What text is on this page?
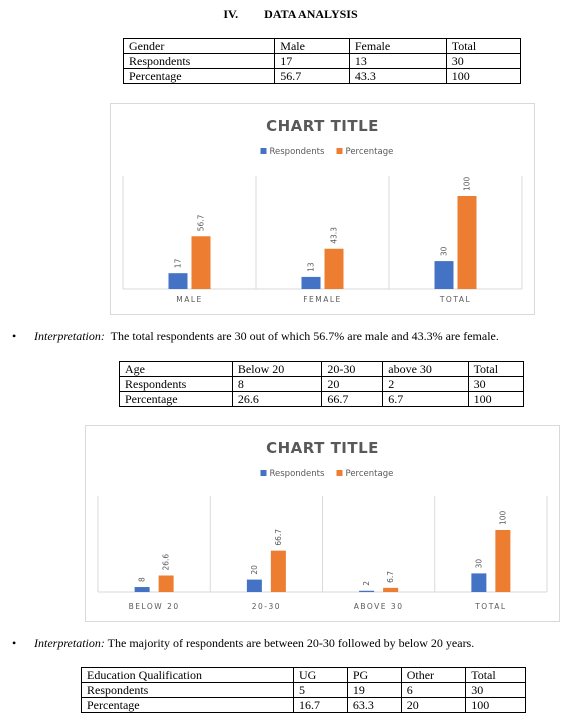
IV. DATA ANALYSIS
Gender	Male	Female	Total
Respondents	17	13	30
Percentage	56.7	43.3	100
CHART TITLE
Respondents Percentage
17
56.7
MALE
13
43.3
FEMALE
30
100
TOTAL
• Interpretation: The total respondents are 30 out of which 56.7% are male and 43.3% are female.
Age	Below 20	20-30	above 30	Total
Respondents	8	20	2	30
Percentage	26.6	66.7	6.7	100
CHART TITLE
Respondents Percentage
8
26.6
BELOW 20
20
66.7
20-30
2
6.7
ABOVE 30
30
100
TOTAL
• Interpretation: The majority of respondents are between 20-30 followed by below 20 years.
Education Qualification	UG	PG	Other	Total
Respondents	5	19	6	30
Percentage	16.7	63.3	20	100
